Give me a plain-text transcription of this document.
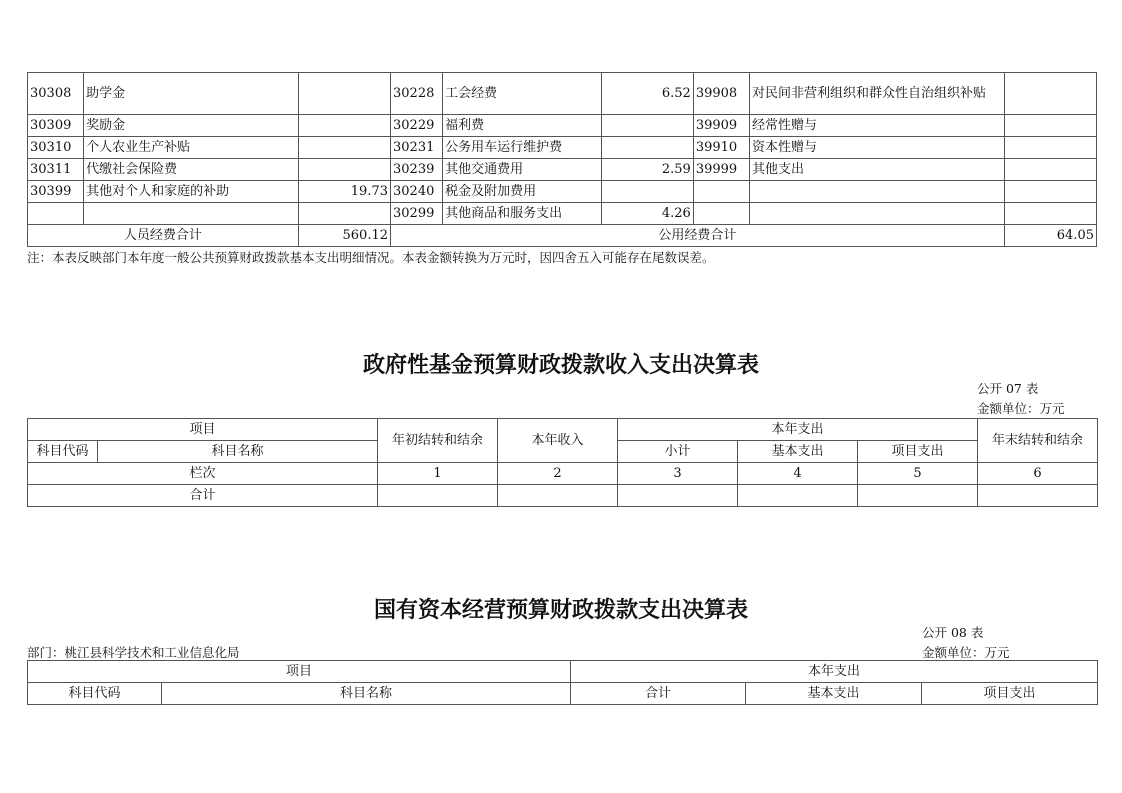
30308	助学金		30228	工会经费	6.52	39908	对民间非营利组织和群众性自治组织补贴	
30309	奖励金		30229	福利费		39909	经常性赠与	
30310	个人农业生产补贴		30231	公务用车运行维护费		39910	资本性赠与	
30311	代缴社会保险费		30239	其他交通费用	2.59	39999	其他支出	
30399	其他对个人和家庭的补助	19.73	30240	税金及附加费用				
			30299	其他商品和服务支出	4.26			
人员经费合计		560.12	公用经费合计					64.05
注：本表反映部门本年度一般公共预算财政拨款基本支出明细情况。本表金额转换为万元时，因四舍五入可能存在尾数误差。
政府性基金预算财政拨款收入支出决算表
公开 07 表
金额单位：万元
项目		年初结转和结余	本年收入	本年支出			年末结转和结余
科目代码	科目名称			小计	基本支出	项目支出	
栏次		1	2	3	4	5	6
合计							
国有资本经营预算财政拨款支出决算表
公开 08 表
部门：桃江县科学技术和工业信息化局	金额单位：万元
项目		本年支出		
科目代码	科目名称	合计	基本支出	项目支出
